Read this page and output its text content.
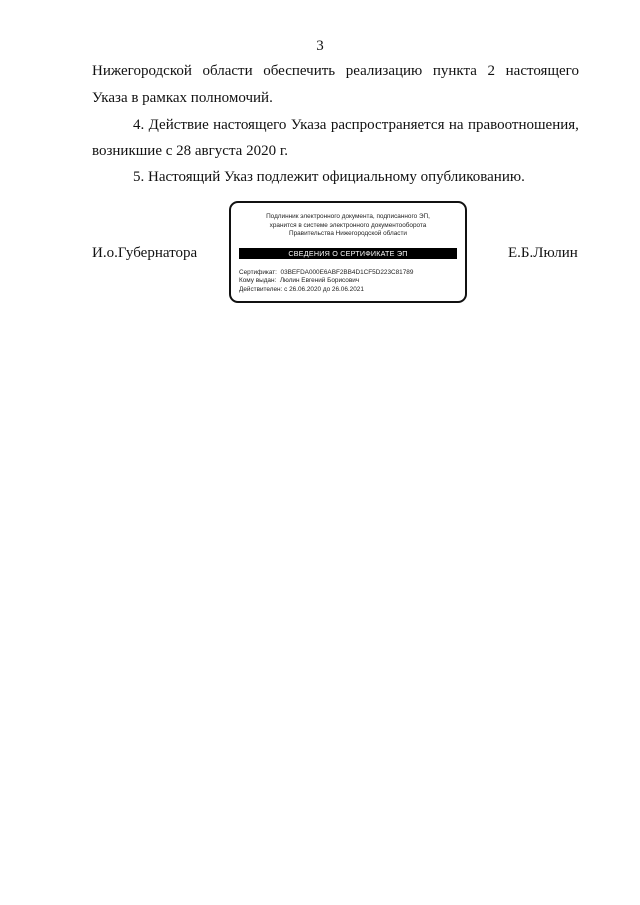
3
Нижегородской области обеспечить реализацию пункта 2 настоящего
Указа в рамках полномочий.
4. Действие настоящего Указа распространяется на правоотношения,
возникшие с 28 августа 2020 г.
5. Настоящий Указ подлежит официальному опубликованию.
И.о.Губернатора	Е.Б.Люлин
Подлинник электронного документа, подписанного ЭП,
хранится в системе электронного документооборота
Правительства Нижегородской области
СВЕДЕНИЯ О СЕРТИФИКАТЕ ЭП
Сертификат: 03BEFDA000E6ABF2BB4D1CF5D223C81789
Кому выдан: Люлин Евгений Борисович
Действителен: с 26.06.2020 до 26.06.2021
